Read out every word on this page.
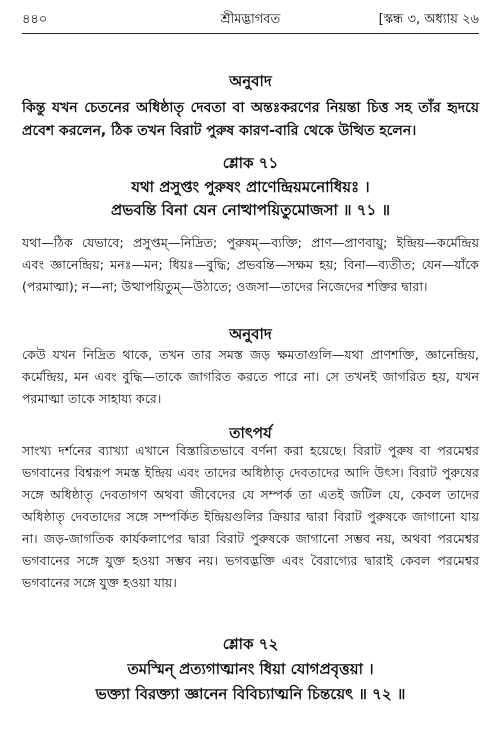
৪৪০	শ্রীমদ্ভাগবত	[স্কন্ধ ৩, অধ্যায় ২৬
অনুবাদ

কিন্তু যখন চেতনের অধিষ্ঠাতৃ দেবতা বা অন্তঃকরণের নিয়ন্তা চিত্ত সহ তাঁর হৃদয়ে প্রবেশ করলেন, ঠিক তখন বিরাট পুরুষ কারণ-বারি থেকে উত্থিত হলেন।

শ্লোক ৭১
যথা প্রসুপ্তং পুরুষং প্রাণেন্দ্রিয়মনোধিয়ঃ ।
প্রভবন্তি বিনা যেন নোত্থাপয়িতুমোজসা ॥ ৭১ ॥

যথা—ঠিক যেভাবে; প্রসুপ্তম্—নিদ্রিত; পুরুষম্—ব্যক্তি; প্রাণ—প্রাণবায়ু; ইন্দ্রিয়—কর্মেন্দ্রিয় এবং জ্ঞানেন্দ্রিয়; মনঃ—মন; ধিয়ঃ—বুদ্ধি; প্রভবন্তি—সক্ষম হয়; বিনা—ব্যতীত; যেন—যাঁকে (পরমাত্মা); ন—না; উত্থাপয়িতুম্—উঠাতে; ওজসা—তাদের নিজেদের শক্তির দ্বারা।

অনুবাদ

কেউ যখন নিদ্রিত থাকে, তখন তার সমস্ত জড় ক্ষমতাগুলি—যথা প্রাণশক্তি, জ্ঞানেন্দ্রিয়, কর্মেন্দ্রিয়, মন এবং বুদ্ধি—তাকে জাগরিত করতে পারে না। সে তখনই জাগরিত হয়, যখন পরমাত্মা তাকে সাহায্য করে।

তাৎপর্য

সাংখ্য দর্শনের ব্যাখ্যা এখানে বিস্তারিতভাবে বর্ণনা করা হয়েছে। বিরাট পুরুষ বা পরমেশ্বর ভগবানের বিশ্বরূপ সমস্ত ইন্দ্রিয় এবং তাদের অধিষ্ঠাতৃ দেবতাদের আদি উৎস। বিরাট পুরুষের সঙ্গে অধিষ্ঠাতৃ দেবতাগণ অথবা জীবেদের যে সম্পর্ক তা এতই জটিল যে, কেবল তাদের অধিষ্ঠাতৃ দেবতাদের সঙ্গে সম্পর্কিত ইন্দ্রিয়গুলির ক্রিয়ার দ্বারা বিরাট পুরুষকে জাগানো যায় না। জড়-জাগতিক কার্যকলাপের দ্বারা বিরাট পুরুষকে জাগানো সম্ভব নয়, অথবা পরমেশ্বর ভগবানের সঙ্গে যুক্ত হওয়া সম্ভব নয়। ভগবদ্ভক্তি এবং বৈরাগ্যের দ্বারাই কেবল পরমেশ্বর ভগবানের সঙ্গে যুক্ত হওয়া যায়।

শ্লোক ৭২
তমস্মিন্ প্রত্যগাত্মানং ধিয়া যোগপ্রবৃত্তয়া ।
ভক্ত্যা বিরক্ত্যা জ্ঞানেন বিবিচ্যাত্মনি চিন্তয়েৎ ॥ ৭২ ॥
